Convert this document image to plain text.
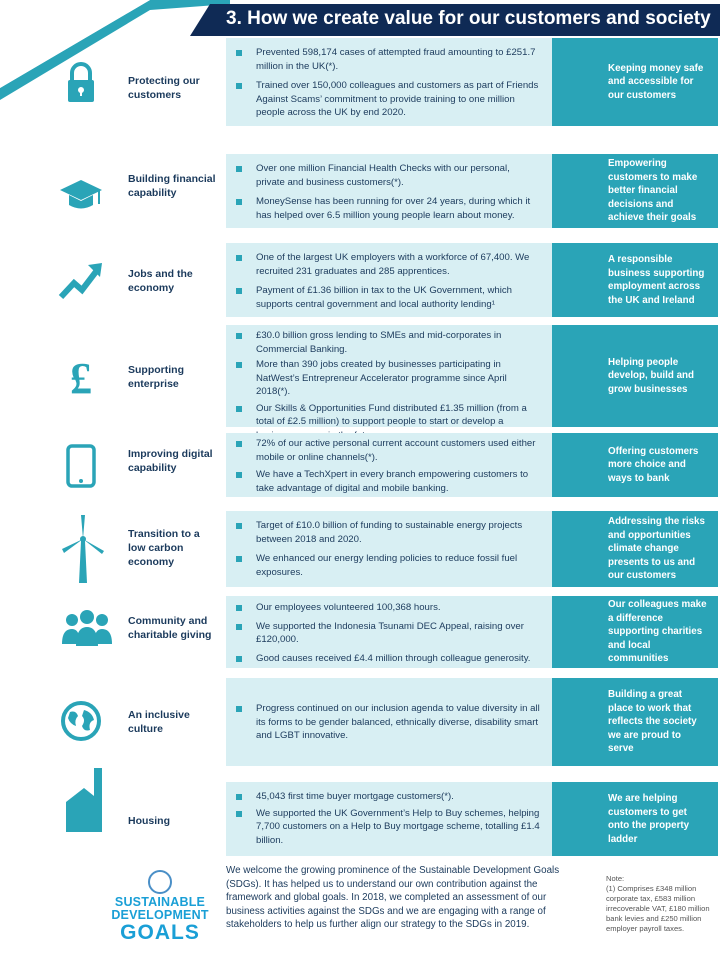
3. How we create value for our customers and society
Protecting our customers
Prevented 598,174 cases of attempted fraud amounting to £251.7 million in the UK(*).
Trained over 150,000 colleagues and customers as part of Friends Against Scams’ commitment to provide training to one million people across the UK by end 2020.
Keeping money safe and accessible for our customers
Building financial capability
Over one million Financial Health Checks with our personal, private and business customers(*).
MoneySense has been running for over 24 years, during which it has helped over 6.5 million young people learn about money.
Empowering customers to make better financial decisions and achieve their goals
Jobs and the economy
One of the largest UK employers with a workforce of 67,400. We recruited 231 graduates and 285 apprentices.
Payment of £1.36 billion in tax to the UK Government, which supports central government and local authority lending¹
A responsible business supporting employment across the UK and Ireland
£	Supporting enterprise
£30.0 billion gross lending to SMEs and mid-corporates in Commercial Banking.
More than 390 jobs created by businesses participating in NatWest’s Entrepreneur Accelerator programme since April 2018(*).
Our Skills & Opportunities Fund distributed £1.35 million (from a total of £2.5 million) to support people to start or develop a
Helping people develop, build and grow businesses
Improving digital capability
72% of our active personal current account customers used either mobile or online channels(*).
We have a TechXpert in every branch empowering customers to take advantage of digital and mobile banking.
Offering customers more choice and ways to bank
Transition to a low carbon economy
Target of £10.0 billion of funding to sustainable energy projects between 2018 and 2020.
We enhanced our energy lending policies to reduce fossil fuel exposures.
Addressing the risks and opportunities climate change presents to us and our customers
Community and charitable giving
Our employees volunteered 100,368 hours.
We supported the Indonesia Tsunami DEC Appeal, raising over £120,000.
Good causes received £4.4 million through colleague generosity.
Our colleagues make a difference supporting charities and local communities
An inclusive culture
Progress continued on our inclusion agenda to value diversity in all its forms to be gender balanced, ethnically diverse, disability smart and LGBT innovative.
Building a great place to work that reflects the society we are proud to serve
Housing
45,043 first time buyer mortgage customers(*).
We supported the UK Government’s Help to Buy schemes, helping 7,700 customers on a Help to Buy mortgage scheme, totalling £1.4 billion.
We are helping customers to get onto the property ladder
SUSTAINABLE
DEVELOPMENT
GOALS
We welcome the growing prominence of the Sustainable Development Goals (SDGs). It has helped us to understand our own contribution against the framework and global goals. In 2018, we completed an assessment of our business activities against the SDGs and we are engaging with a range of stakeholders to help us further align our strategy to the SDGs in 2019.
Note:
(1) Comprises £348 million corporate tax, £583 million irrecoverable VAT, £180 million bank levies and £250 million employer payroll taxes.
